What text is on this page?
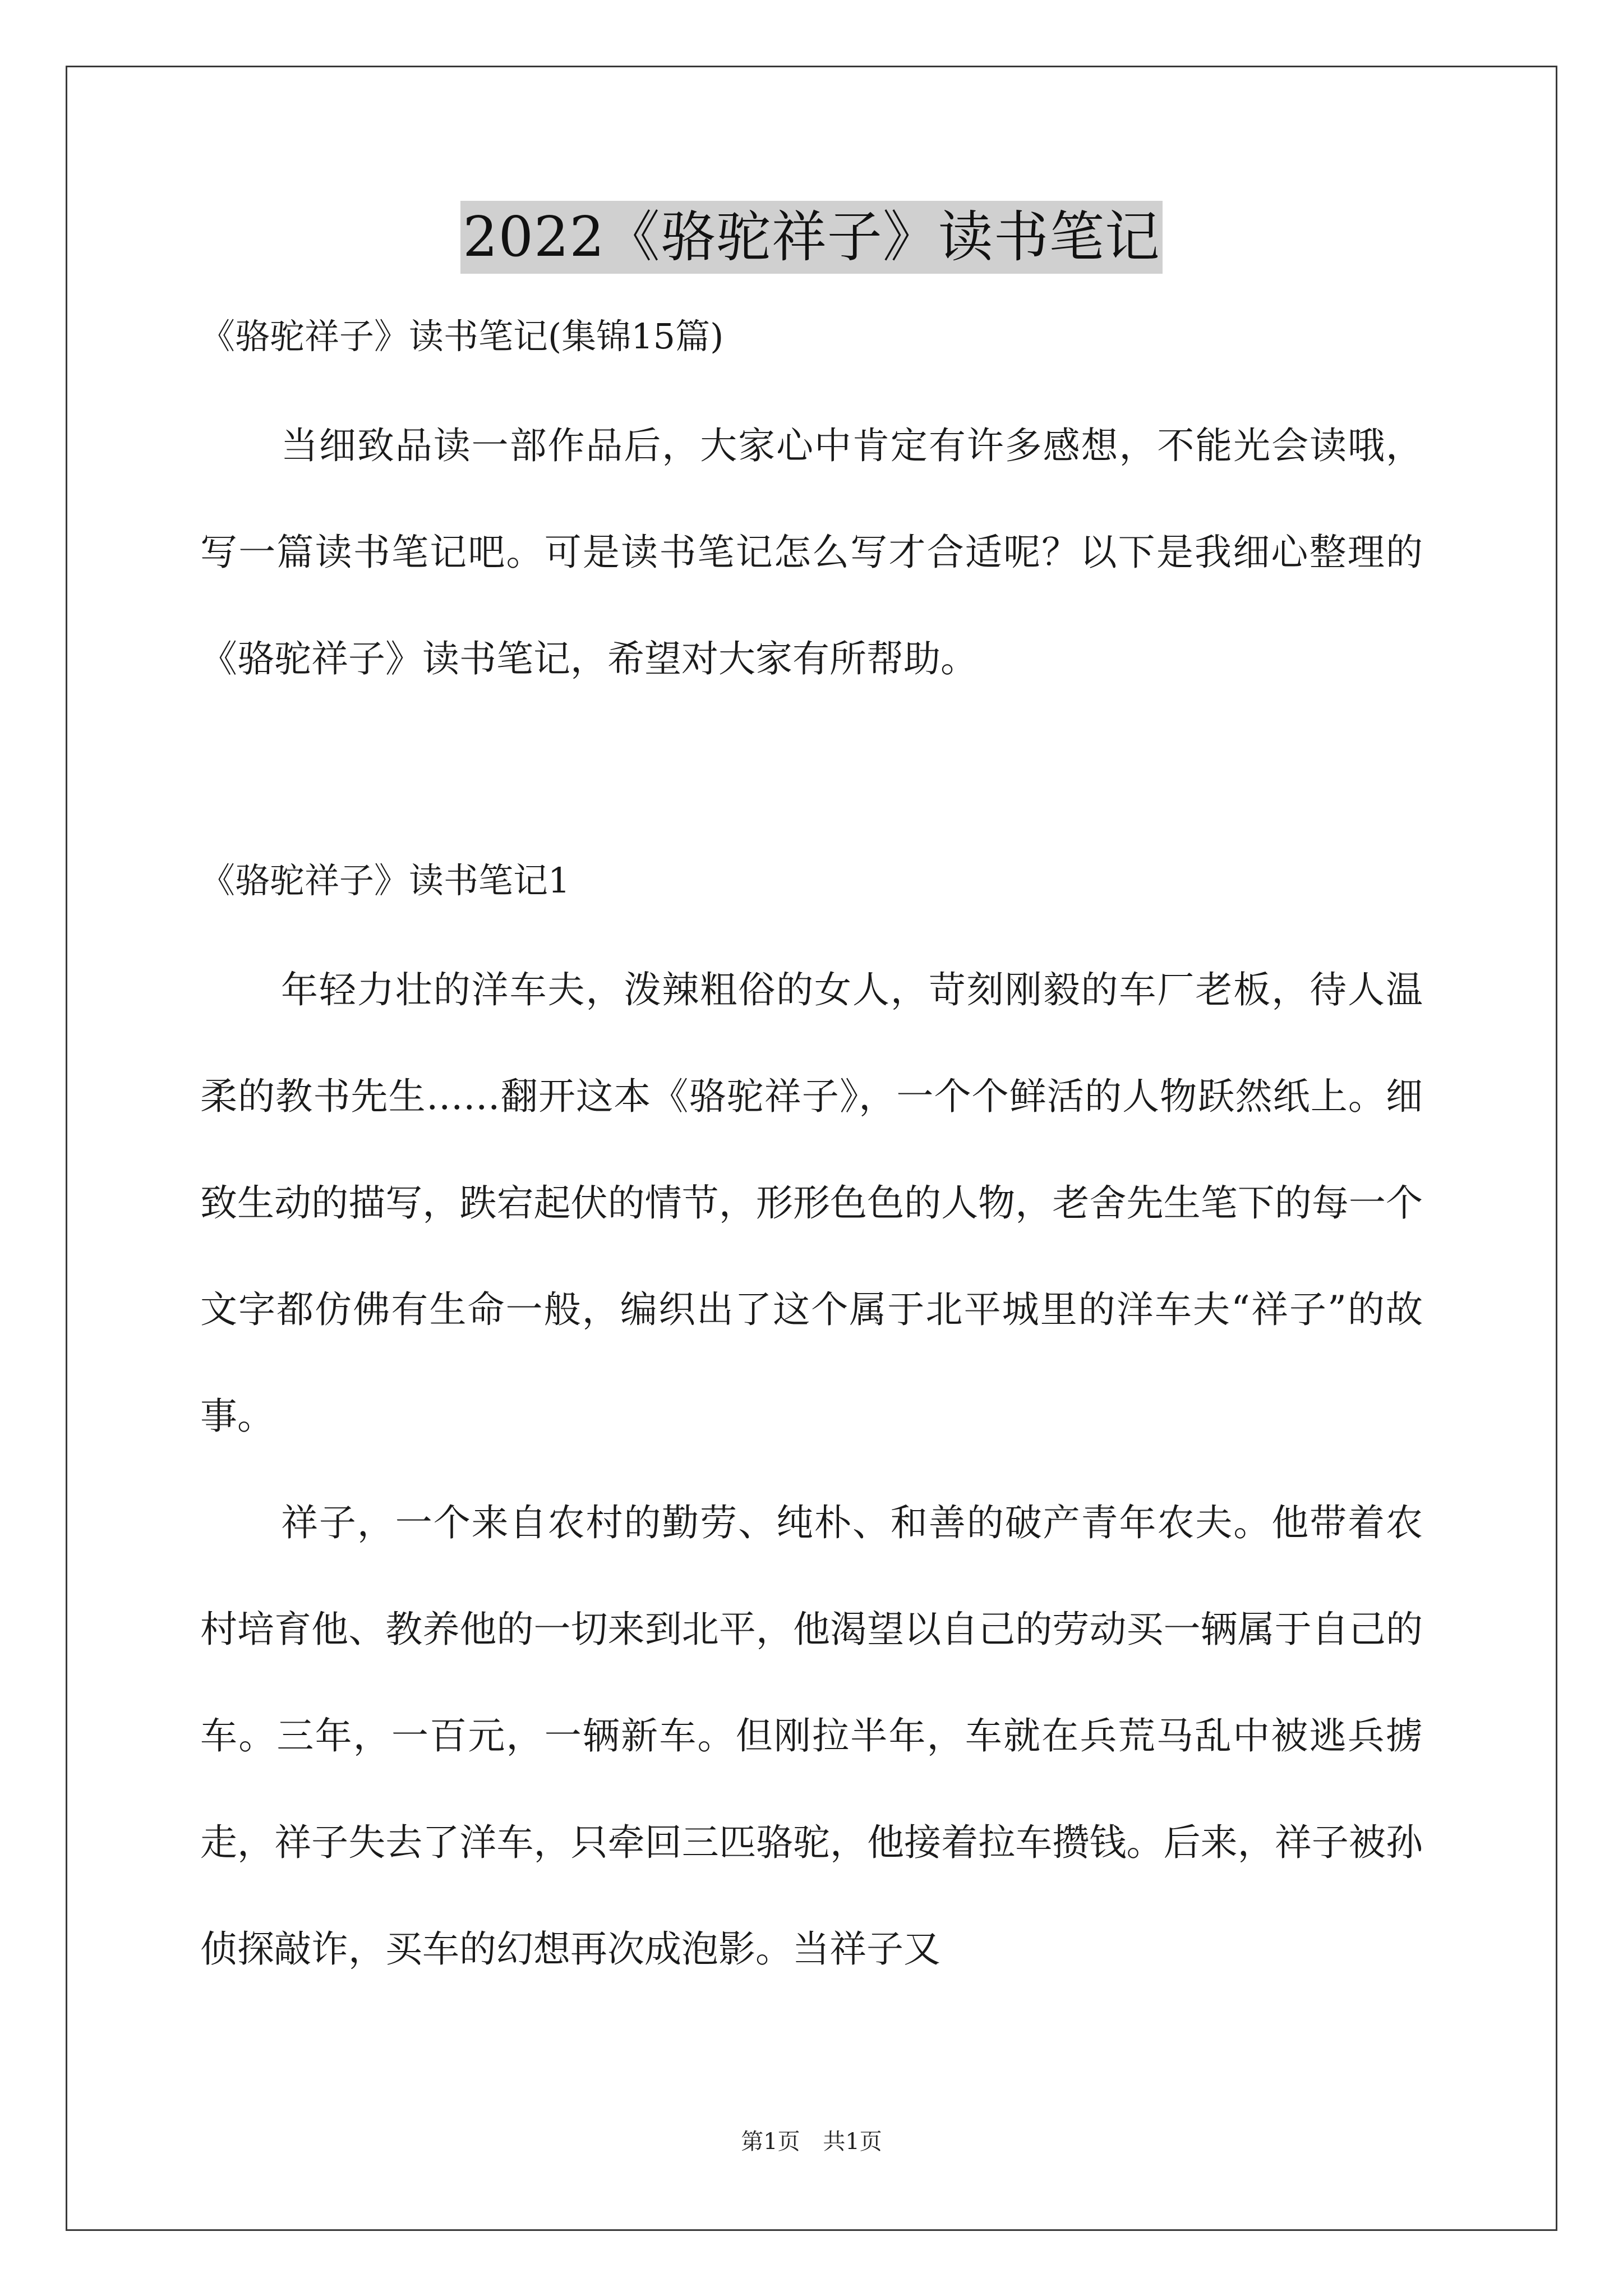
2022《骆驼祥子》读书笔记

《骆驼祥子》读书笔记(集锦15篇)

当细致品读一部作品后，大家心中肯定有许多感想，不能光会读哦，写一篇读书笔记吧。可是读书笔记怎么写才合适呢？以下是我细心整理的《骆驼祥子》读书笔记，希望对大家有所帮助。

《骆驼祥子》读书笔记1

年轻力壮的洋车夫，泼辣粗俗的女人，苛刻刚毅的车厂老板，待人温柔的教书先生……翻开这本《骆驼祥子》，一个个鲜活的人物跃然纸上。细致生动的描写，跌宕起伏的情节，形形色色的人物，老舍先生笔下的每一个文字都仿佛有生命一般，编织出了这个属于北平城里的洋车夫“祥子”的故事。

祥子，一个来自农村的勤劳、纯朴、和善的破产青年农夫。他带着农村培育他、教养他的一切来到北平，他渴望以自己的劳动买一辆属于自己的车。三年，一百元，一辆新车。但刚拉半年，车就在兵荒马乱中被逃兵掳走，祥子失去了洋车，只牵回三匹骆驼，他接着拉车攒钱。后来，祥子被孙侦探敲诈，买车的幻想再次成泡影。当祥子又

第1页 共1页
